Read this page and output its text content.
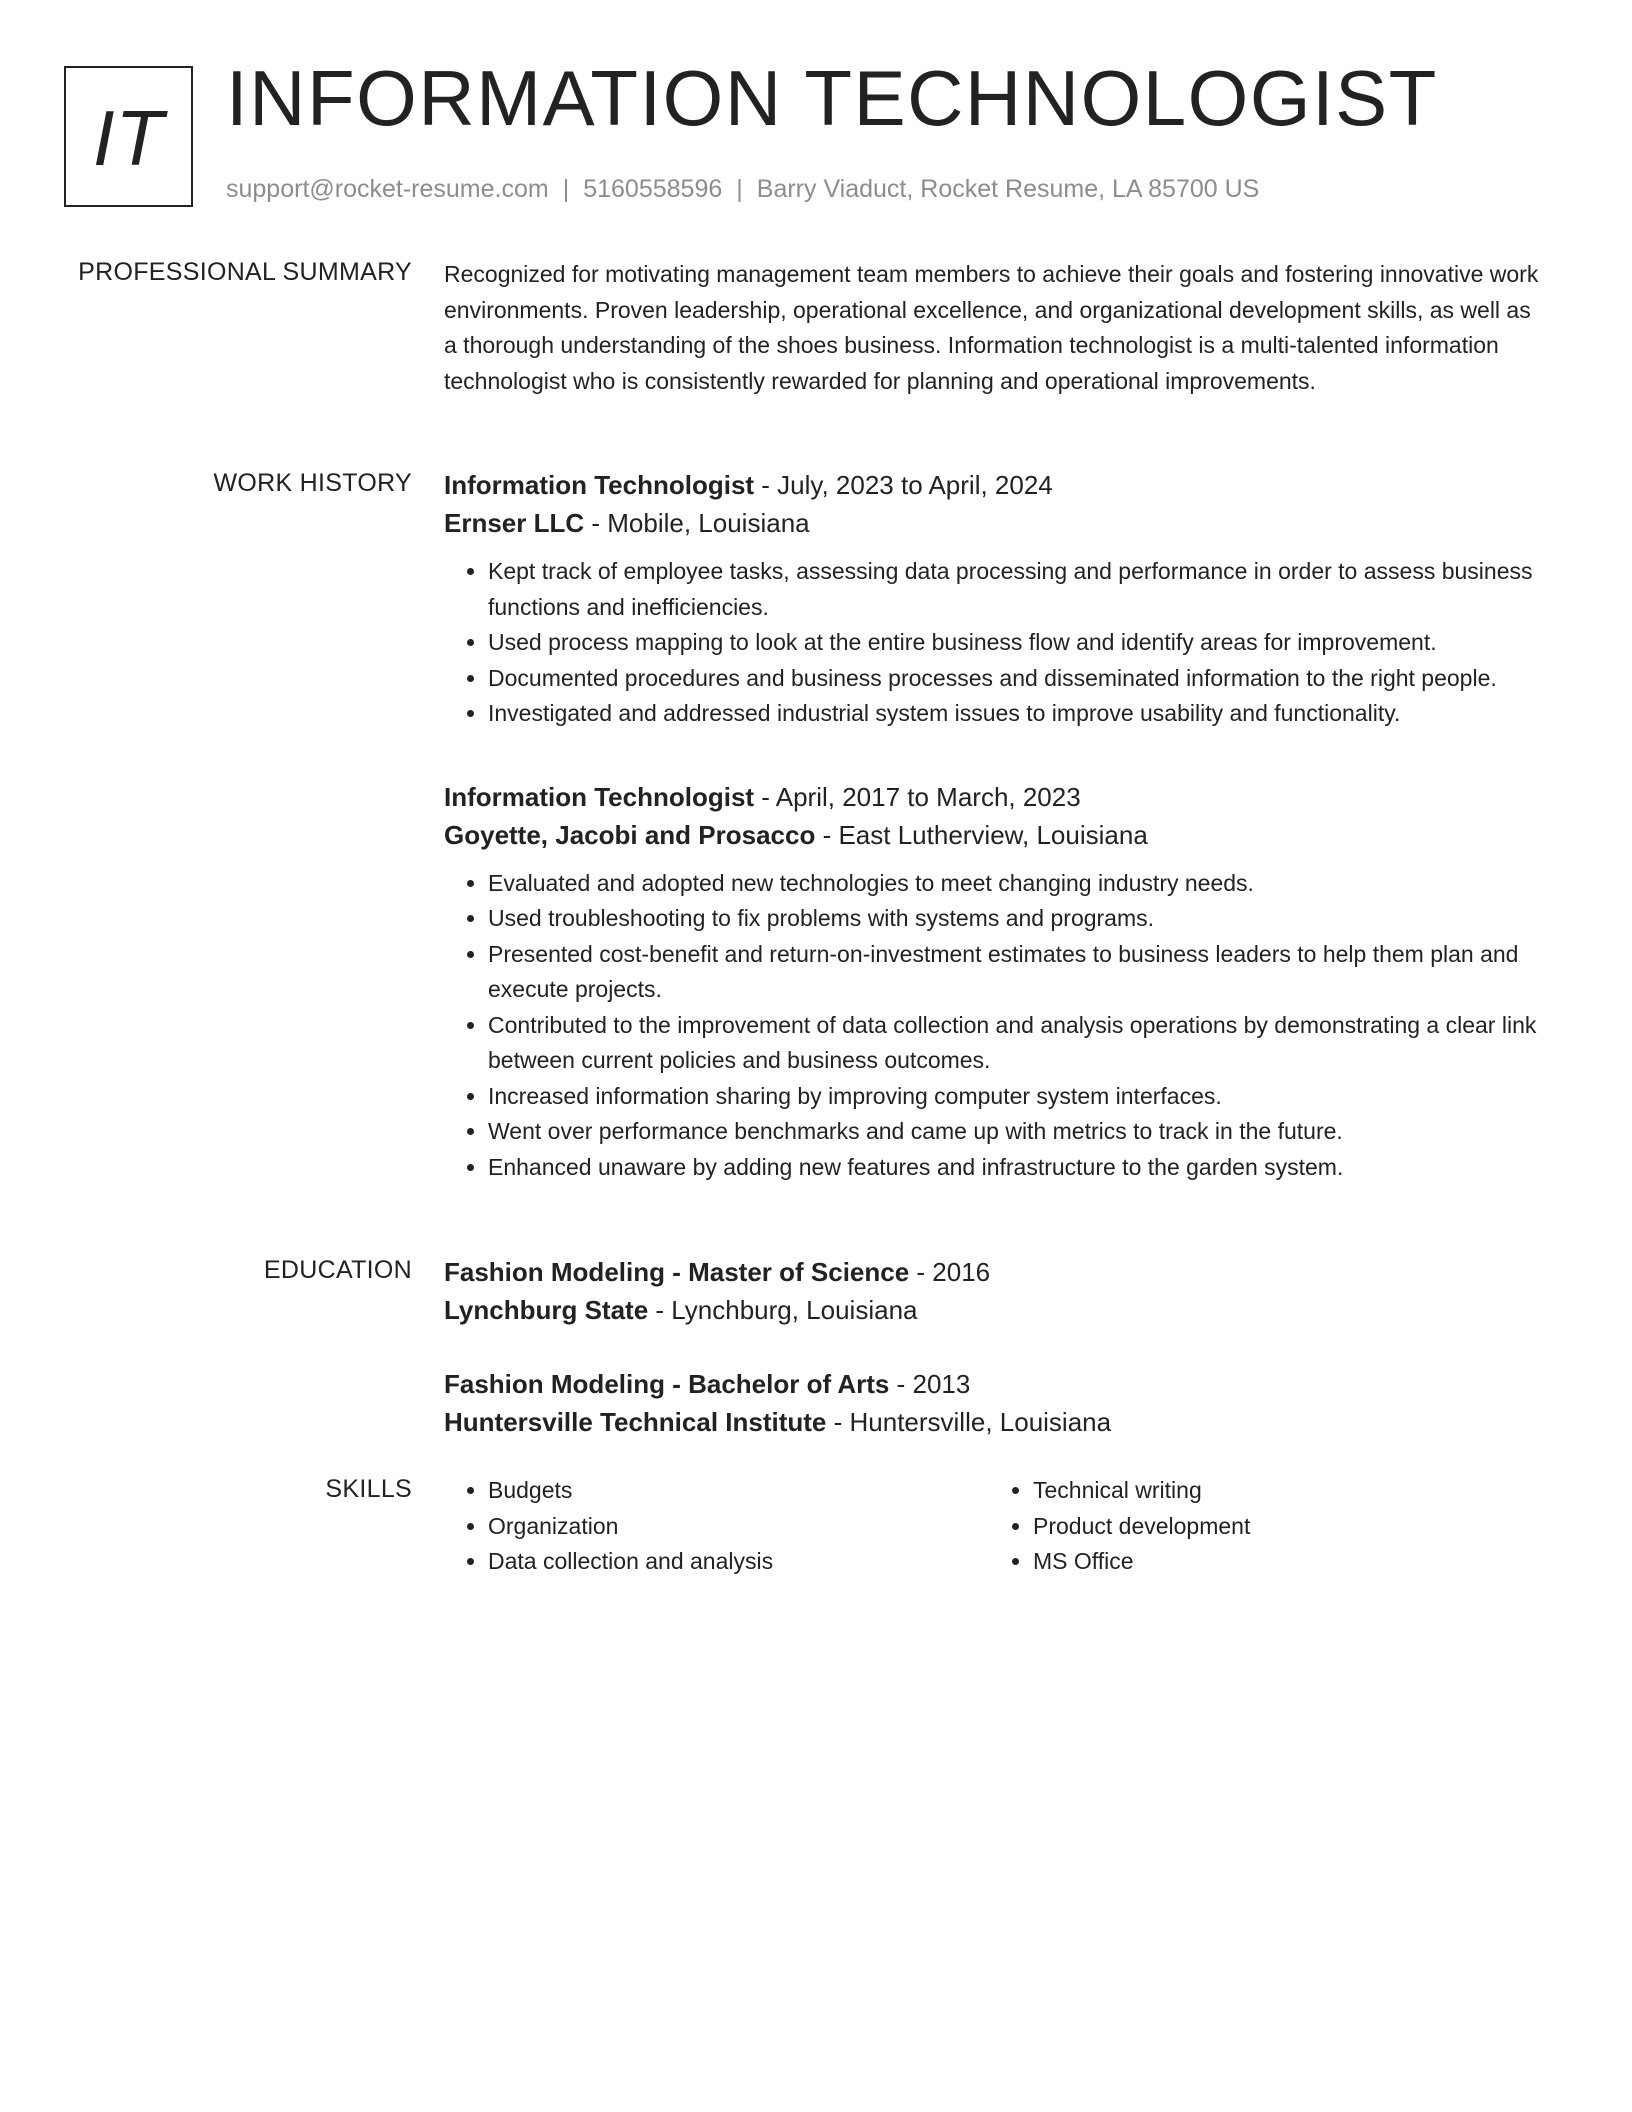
IT INFORMATION TECHNOLOGIST
support@rocket-resume.com | 5160558596 | Barry Viaduct, Rocket Resume, LA 85700 US
PROFESSIONAL SUMMARY Recognized for motivating management team members to achieve their goals and fostering innovative work environments. Proven leadership, operational excellence, and organizational development skills, as well as a thorough understanding of the shoes business. Information technologist is a multi-talented information technologist who is consistently rewarded for planning and operational improvements.

WORK HISTORY Information Technologist - July, 2023 to April, 2024
Ernser LLC - Mobile, Louisiana
• Kept track of employee tasks, assessing data processing and performance in order to assess business functions and inefficiencies.
• Used process mapping to look at the entire business flow and identify areas for improvement.
• Documented procedures and business processes and disseminated information to the right people.
• Investigated and addressed industrial system issues to improve usability and functionality.
Information Technologist - April, 2017 to March, 2023
Goyette, Jacobi and Prosacco - East Lutherview, Louisiana
• Evaluated and adopted new technologies to meet changing industry needs.
• Used troubleshooting to fix problems with systems and programs.
• Presented cost-benefit and return-on-investment estimates to business leaders to help them plan and execute projects.
• Contributed to the improvement of data collection and analysis operations by demonstrating a clear link between current policies and business outcomes.
• Increased information sharing by improving computer system interfaces.
• Went over performance benchmarks and came up with metrics to track in the future.
• Enhanced unaware by adding new features and infrastructure to the garden system.
EDUCATION Fashion Modeling - Master of Science - 2016
Lynchburg State - Lynchburg, Louisiana
Fashion Modeling - Bachelor of Arts - 2013
Huntersville Technical Institute - Huntersville, Louisiana
SKILLS
•	Budgets
• Organization
• Data collection and analysis
• Technical writing
• Product development
• MS Office
